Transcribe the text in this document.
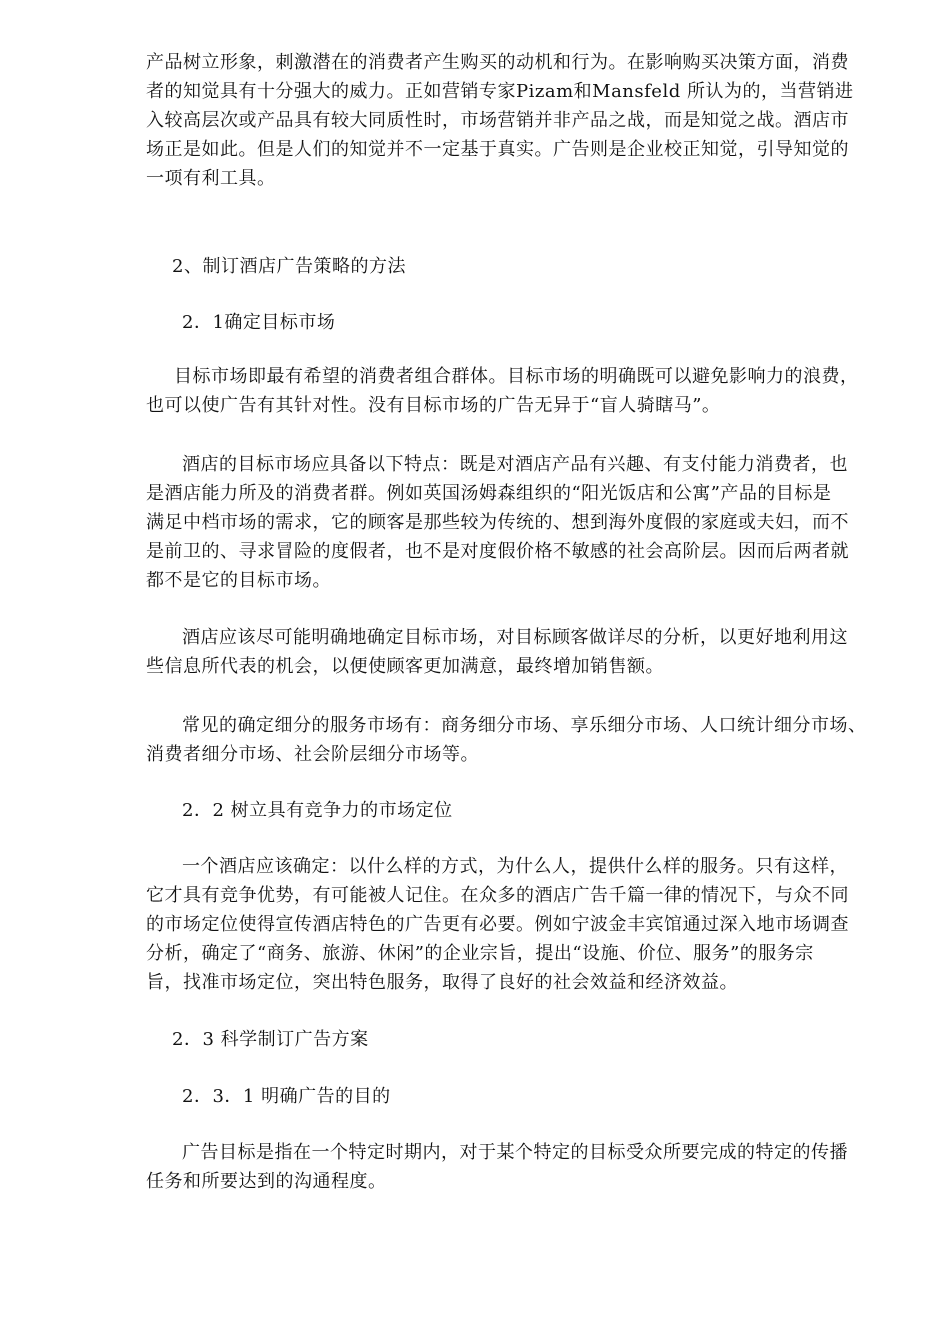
产品树立形象，刺激潜在的消费者产生购买的动机和行为。在影响购买决策方面，消费
者的知觉具有十分强大的威力。正如营销专家Pizam和Mansfeld 所认为的，当营销进
入较高层次或产品具有较大同质性时，市场营销并非产品之战，而是知觉之战。酒店市
场正是如此。但是人们的知觉并不一定基于真实。广告则是企业校正知觉，引导知觉的
一项有利工具。
2、制订酒店广告策略的方法
2．1确定目标市场
目标市场即最有希望的消费者组合群体。目标市场的明确既可以避免影响力的浪费，
也可以使广告有其针对性。没有目标市场的广告无异于“盲人骑瞎马”。
酒店的目标市场应具备以下特点：既是对酒店产品有兴趣、有支付能力消费者，也
是酒店能力所及的消费者群。例如英国汤姆森组织的“阳光饭店和公寓”产品的目标是
满足中档市场的需求，它的顾客是那些较为传统的、想到海外度假的家庭或夫妇，而不
是前卫的、寻求冒险的度假者，也不是对度假价格不敏感的社会高阶层。因而后两者就
都不是它的目标市场。
酒店应该尽可能明确地确定目标市场，对目标顾客做详尽的分析，以更好地利用这
些信息所代表的机会，以便使顾客更加满意，最终增加销售额。
常见的确定细分的服务市场有：商务细分市场、享乐细分市场、人口统计细分市场、
消费者细分市场、社会阶层细分市场等。
2．2 树立具有竞争力的市场定位
一个酒店应该确定：以什么样的方式，为什么人，提供什么样的服务。只有这样，
它才具有竞争优势，有可能被人记住。在众多的酒店广告千篇一律的情况下，与众不同
的市场定位使得宣传酒店特色的广告更有必要。例如宁波金丰宾馆通过深入地市场调查
分析，确定了“商务、旅游、休闲”的企业宗旨，提出“设施、价位、服务”的服务宗
旨，找准市场定位，突出特色服务，取得了良好的社会效益和经济效益。
2．3 科学制订广告方案
2．3．1 明确广告的目的
广告目标是指在一个特定时期内，对于某个特定的目标受众所要完成的特定的传播
任务和所要达到的沟通程度。
